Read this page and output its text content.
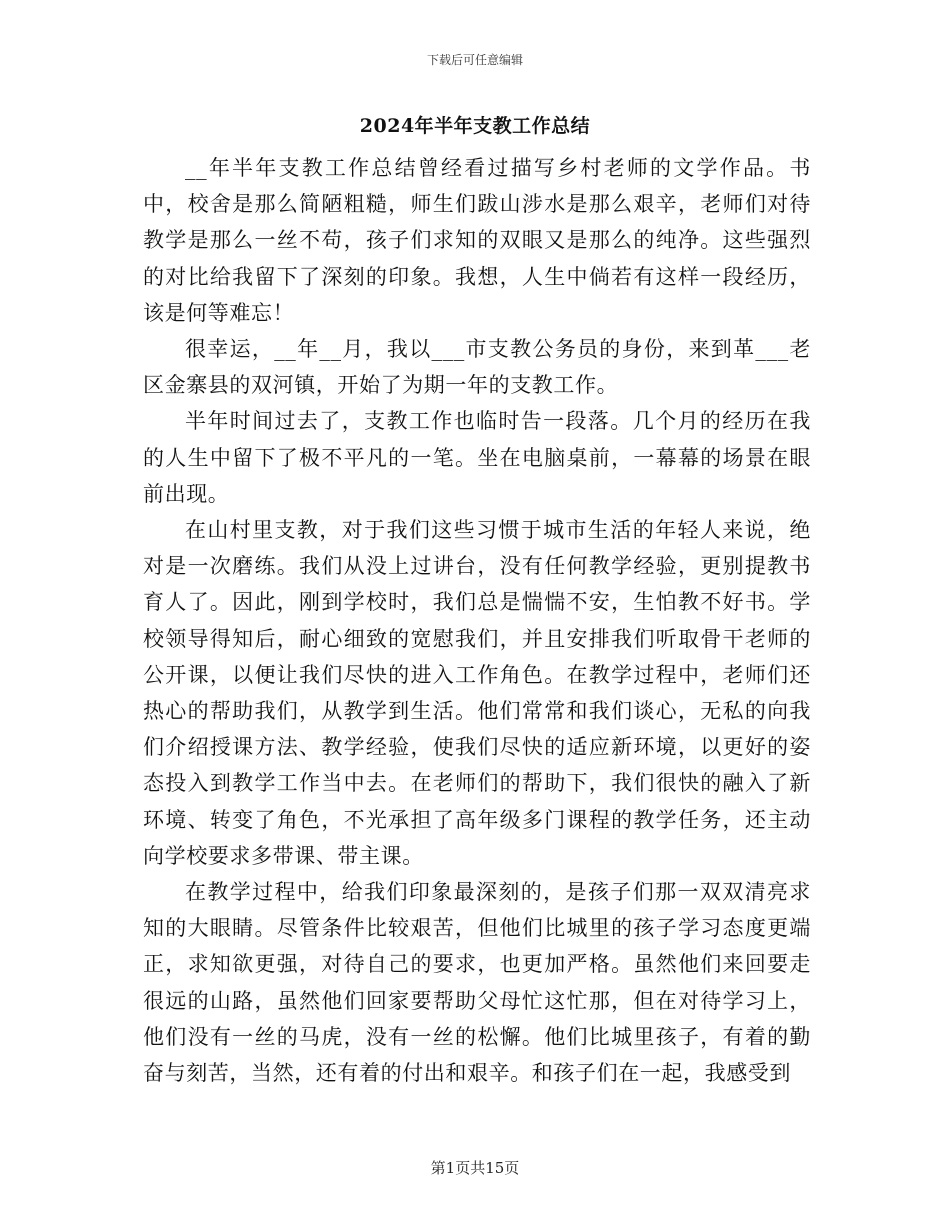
下载后可任意编辑
2024年半年支教工作总结

__年半年支教工作总结曾经看过描写乡村老师的文学作品。书中，校舍是那么简陋粗糙，师生们跋山涉水是那么艰辛，老师们对待教学是那么一丝不苟，孩子们求知的双眼又是那么的纯净。这些强烈的对比给我留下了深刻的印象。我想，人生中倘若有这样一段经历，该是何等难忘！

很幸运，__年__月，我以___市支教公务员的身份，来到革___老区金寨县的双河镇，开始了为期一年的支教工作。

半年时间过去了，支教工作也临时告一段落。几个月的经历在我的人生中留下了极不平凡的一笔。坐在电脑桌前，一幕幕的场景在眼前出现。

在山村里支教，对于我们这些习惯于城市生活的年轻人来说，绝对是一次磨练。我们从没上过讲台，没有任何教学经验，更别提教书育人了。因此，刚到学校时，我们总是惴惴不安，生怕教不好书。学校领导得知后，耐心细致的宽慰我们，并且安排我们听取骨干老师的公开课，以便让我们尽快的进入工作角色。在教学过程中，老师们还热心的帮助我们，从教学到生活。他们常常和我们谈心，无私的向我们介绍授课方法、教学经验，使我们尽快的适应新环境，以更好的姿态投入到教学工作当中去。在老师们的帮助下，我们很快的融入了新环境、转变了角色，不光承担了高年级多门课程的教学任务，还主动向学校要求多带课、带主课。

在教学过程中，给我们印象最深刻的，是孩子们那一双双清亮求知的大眼睛。尽管条件比较艰苦，但他们比城里的孩子学习态度更端正，求知欲更强，对待自己的要求，也更加严格。虽然他们来回要走很远的山路，虽然他们回家要帮助父母忙这忙那，但在对待学习上，他们没有一丝的马虎，没有一丝的松懈。他们比城里孩子，有着的勤奋与刻苦，当然，还有着的付出和艰辛。和孩子们在一起，我感受到

第1页共15页
